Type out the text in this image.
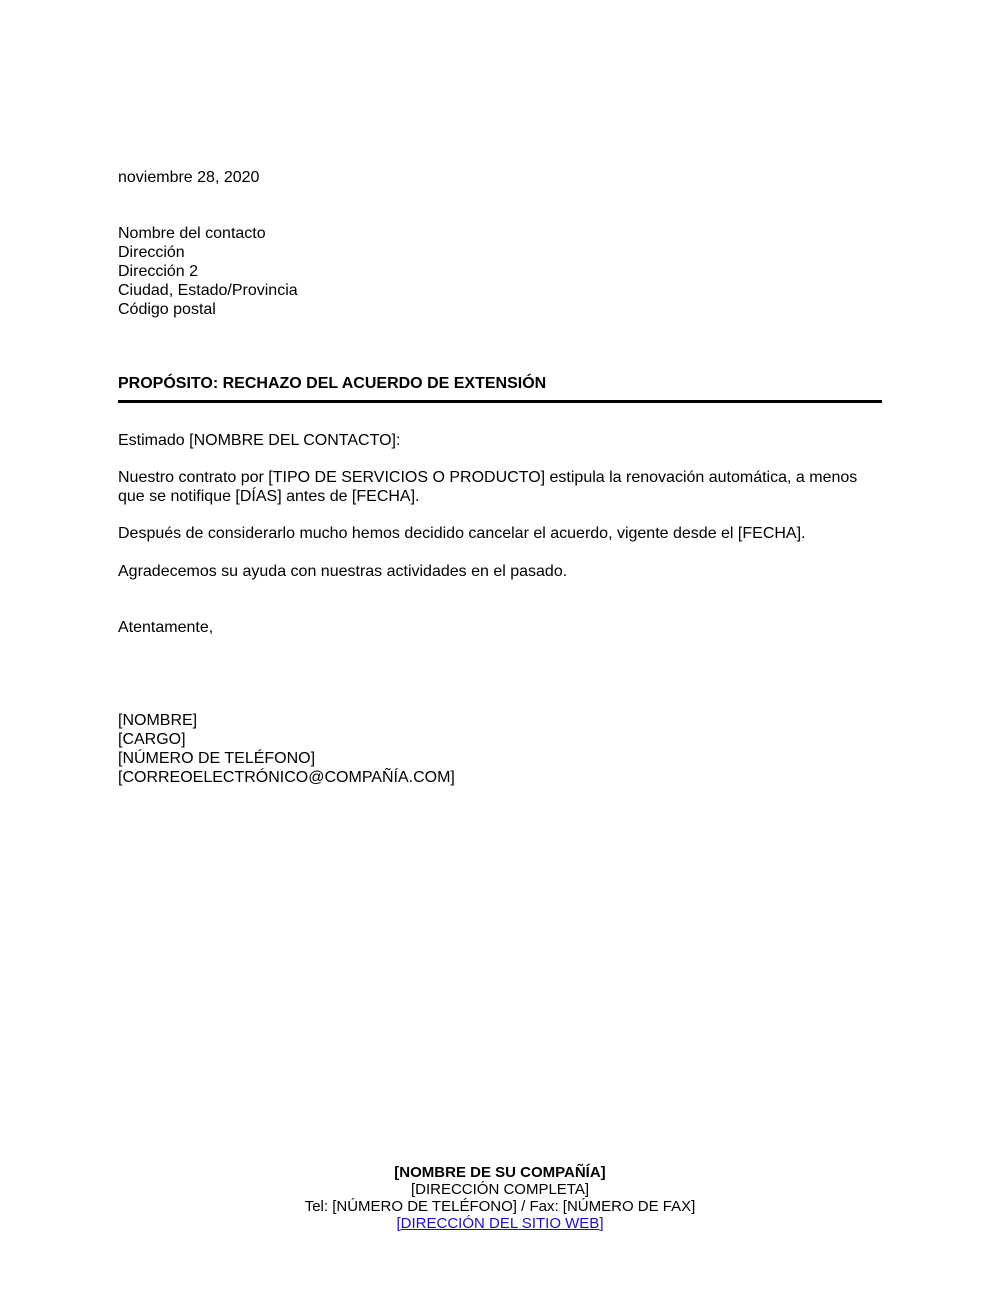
noviembre 28, 2020
Nombre del contacto
Dirección
Dirección 2
Ciudad, Estado/Provincia
Código postal
PROPÓSITO: RECHAZO DEL ACUERDO DE EXTENSIÓN
Estimado [NOMBRE DEL CONTACTO]:
Nuestro contrato por [TIPO DE SERVICIOS O PRODUCTO] estipula la renovación automática, a menos que se notifique [DÍAS] antes de [FECHA].
Después de considerarlo mucho hemos decidido cancelar el acuerdo, vigente desde el [FECHA].
Agradecemos su ayuda con nuestras actividades en el pasado.
Atentamente,
[NOMBRE]
[CARGO]
[NÚMERO DE TELÉFONO]
[CORREOELECTRÓNICO@COMPAÑÍA.COM]
[NOMBRE DE SU COMPAÑÍA]
[DIRECCIÓN COMPLETA]
Tel: [NÚMERO DE TELÉFONO] / Fax: [NÚMERO DE FAX]
[DIRECCIÓN DEL SITIO WEB]
